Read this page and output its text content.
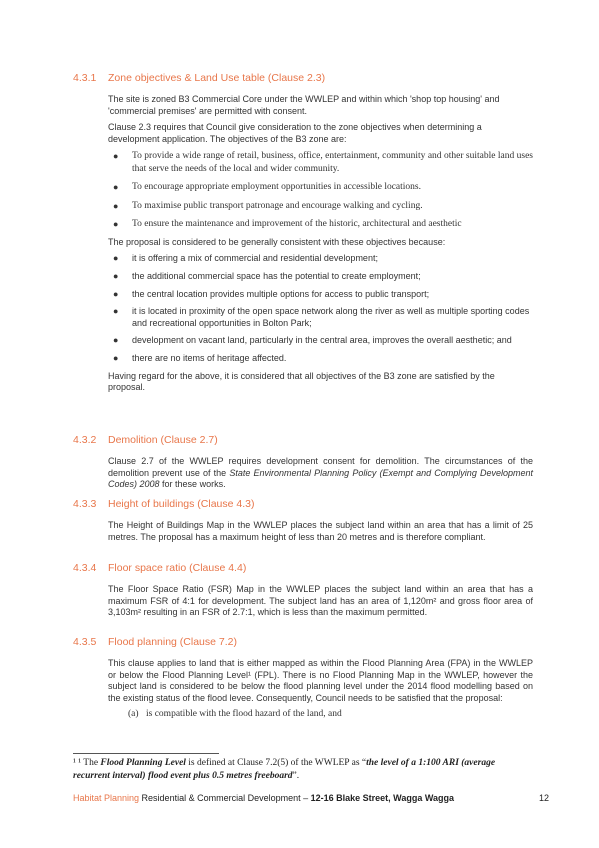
4.3.1 Zone objectives & Land Use table (Clause 2.3)

The site is zoned B3 Commercial Core under the WWLEP and within which 'shop top housing' and 'commercial premises' are permitted with consent.

Clause 2.3 requires that Council give consideration to the zone objectives when determining a development application. The objectives of the B3 zone are:

● To provide a wide range of retail, business, office, entertainment, community and other suitable land uses that serve the needs of the local and wider community.
● To encourage appropriate employment opportunities in accessible locations.
● To maximise public transport patronage and encourage walking and cycling.
● To ensure the maintenance and improvement of the historic, architectural and aesthetic

The proposal is considered to be generally consistent with these objectives because:

● it is offering a mix of commercial and residential development;
● the additional commercial space has the potential to create employment;
● the central location provides multiple options for access to public transport;
● it is located in proximity of the open space network along the river as well as multiple sporting codes and recreational opportunities in Bolton Park;
● development on vacant land, particularly in the central area, improves the overall aesthetic; and
● there are no items of heritage affected.

Having regard for the above, it is considered that all objectives of the B3 zone are satisfied by the proposal.

4.3.2 Demolition (Clause 2.7)

Clause 2.7 of the WWLEP requires development consent for demolition. The circumstances of the demolition prevent use of the State Environmental Planning Policy (Exempt and Complying Development Codes) 2008 for these works.

4.3.3 Height of buildings (Clause 4.3)

The Height of Buildings Map in the WWLEP places the subject land within an area that has a limit of 25 metres. The proposal has a maximum height of less than 20 metres and is therefore compliant.

4.3.4 Floor space ratio (Clause 4.4)

The Floor Space Ratio (FSR) Map in the WWLEP places the subject land within an area that has a maximum FSR of 4:1 for development. The subject land has an area of 1,120m² and gross floor area of 3,103m² resulting in an FSR of 2.7:1, which is less than the maximum permitted.

4.3.5 Flood planning (Clause 7.2)

This clause applies to land that is either mapped as within the Flood Planning Area (FPA) in the WWLEP or below the Flood Planning Level¹ (FPL). There is no Flood Planning Map in the WWLEP, however the subject land is considered to be below the flood planning level under the 2014 flood modelling based on the existing status of the flood levee. Consequently, Council needs to be satisfied that the proposal:

(a) is compatible with the flood hazard of the land, and

¹ ¹ The Flood Planning Level is defined at Clause 7.2(5) of the WWLEP as “the level of a 1:100 ARI (average recurrent interval) flood event plus 0.5 metres freeboard”.
Habitat Planning Residential & Commercial Development – 12-16 Blake Street, Wagga Wagga	12
